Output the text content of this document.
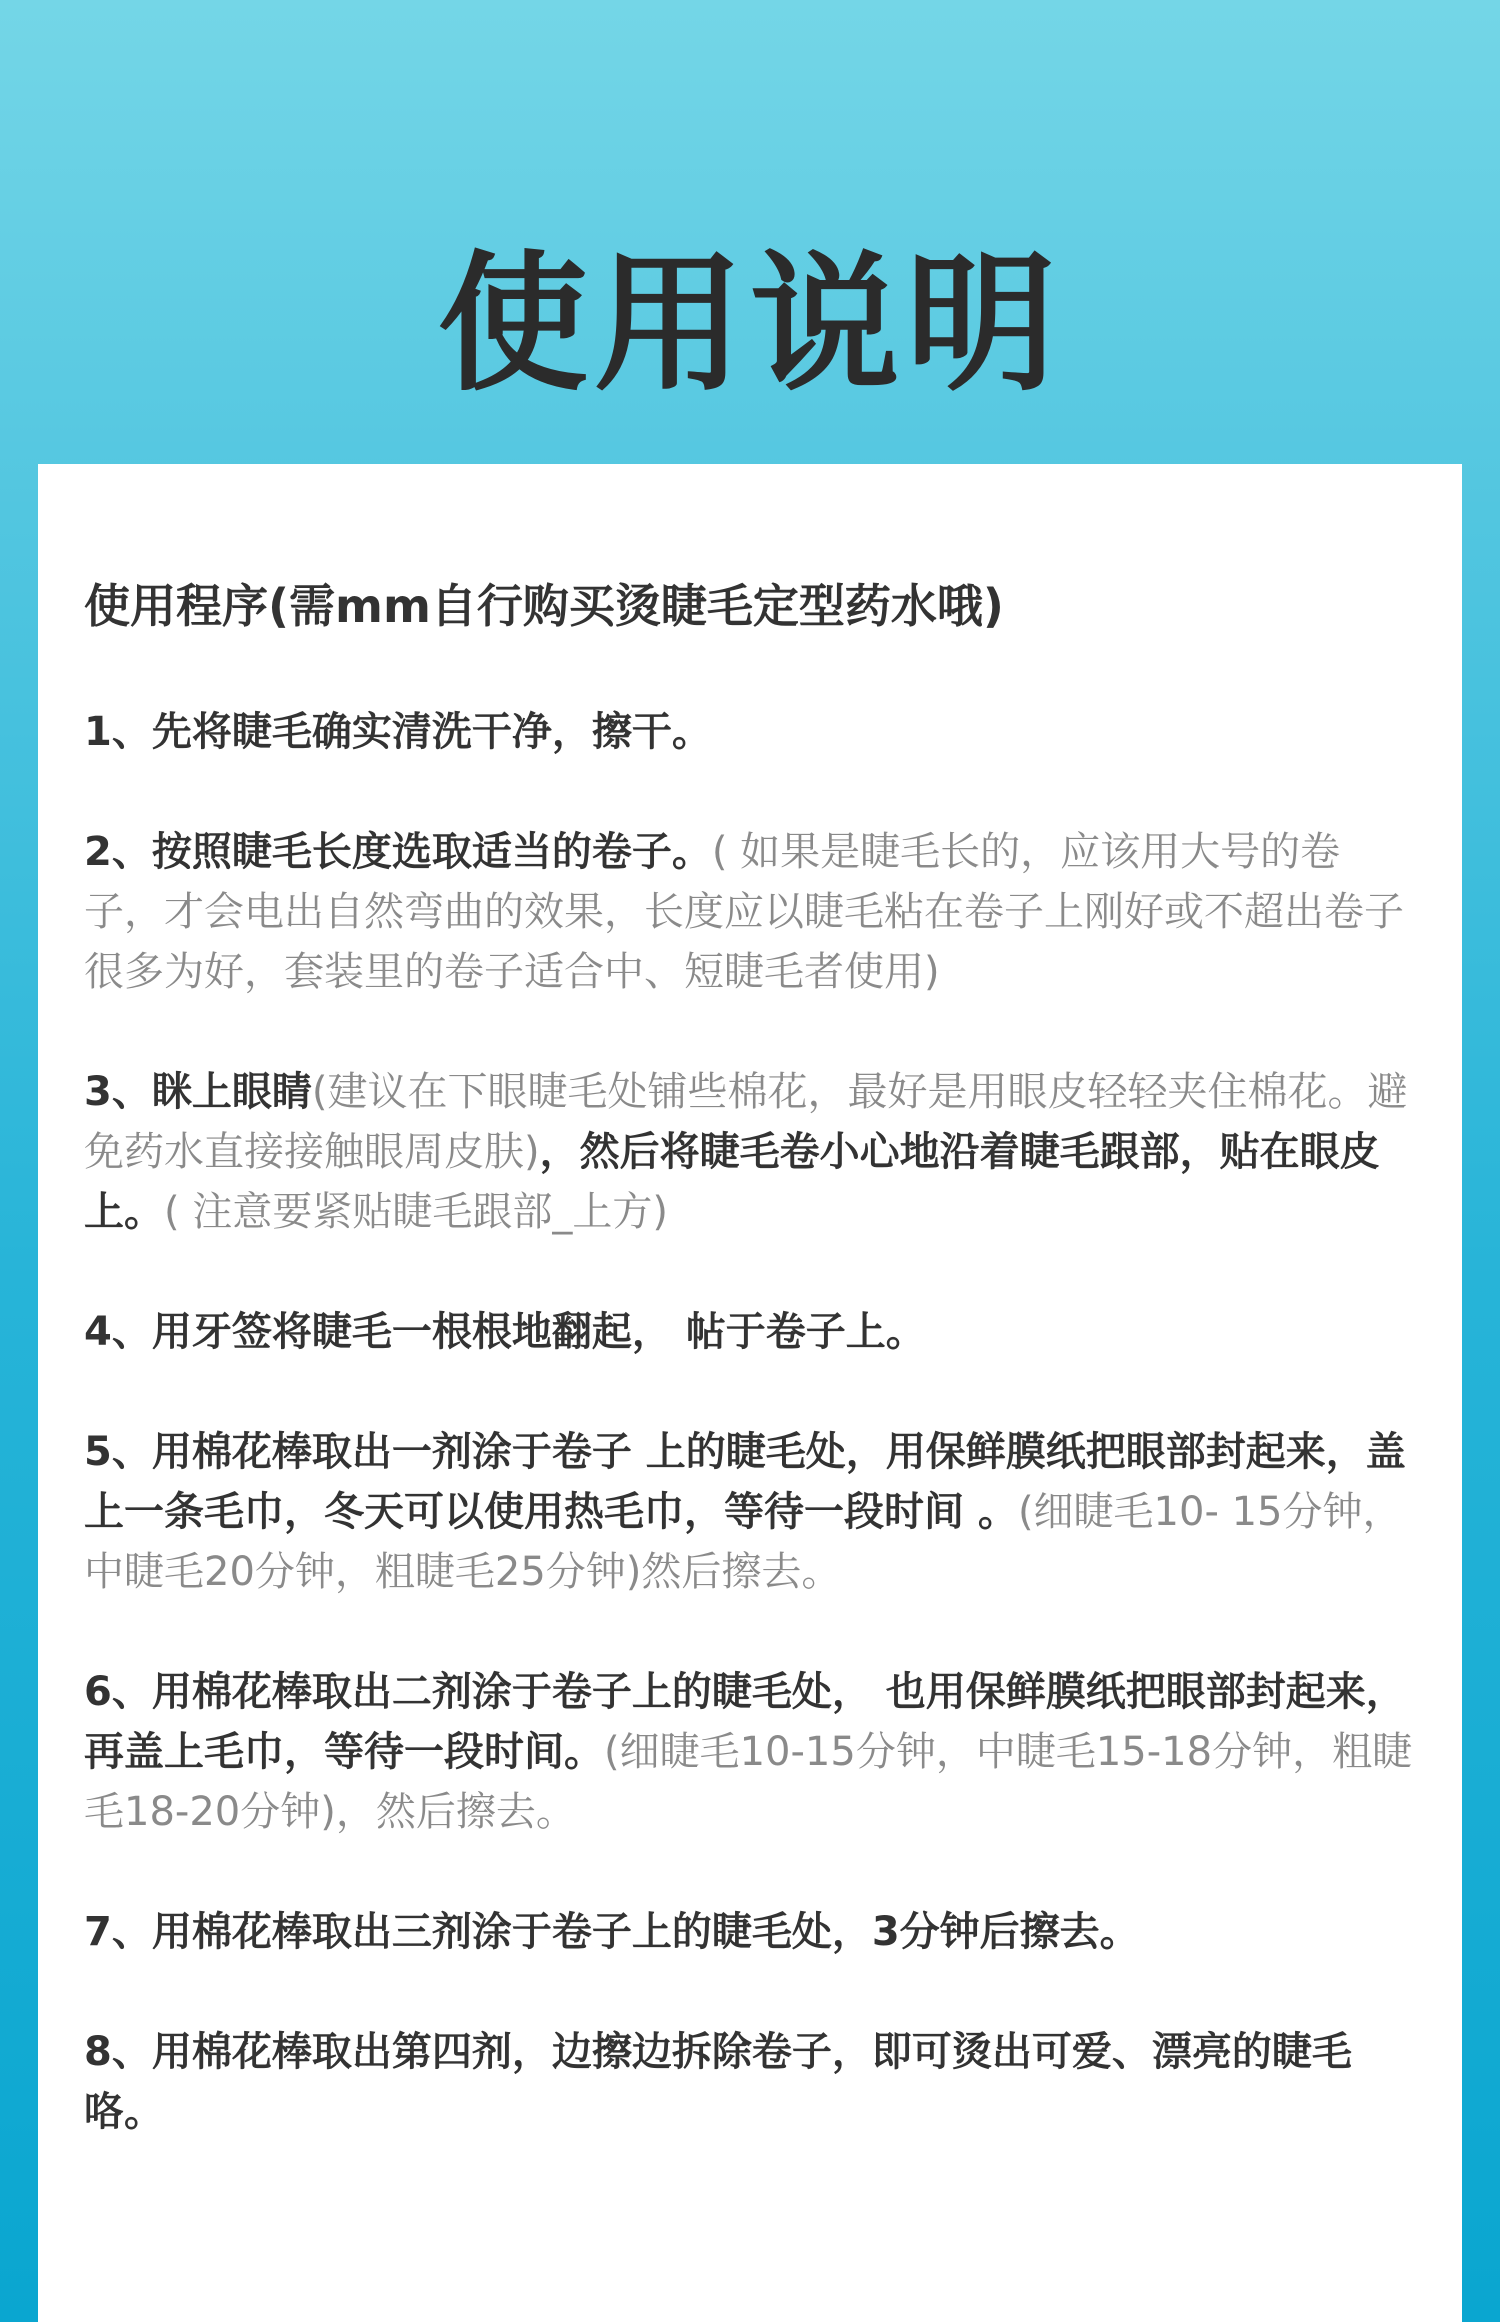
使用说明
使用程序(需mm自行购买烫睫毛定型药水哦)

1、先将睫毛确实清洗干净，擦干。

2、按照睫毛长度选取适当的卷子。( 如果是睫毛长的，应该用大号的卷子，才会电出自然弯曲的效果，长度应以睫毛粘在卷子上刚好或不超出卷子很多为好，套装里的卷子适合中、短睫毛者使用)

3、眯上眼睛(建议在下眼睫毛处铺些棉花，最好是用眼皮轻轻夹住棉花。避免药水直接接触眼周皮肤)，然后将睫毛卷小心地沿着睫毛跟部，贴在眼皮上。( 注意要紧贴睫毛跟部_上方)

4、用牙签将睫毛一根根地翻起， 帖于卷子上。

5、用棉花棒取出一剂涂于卷子 上的睫毛处，用保鲜膜纸把眼部封起来，盖上一条毛巾，冬天可以使用热毛巾，等待一段时间 。(细睫毛10- 15分钟，中睫毛20分钟，粗睫毛25分钟)然后擦去。

6、用棉花棒取出二剂涂于卷子上的睫毛处， 也用保鲜膜纸把眼部封起来，再盖上毛巾，等待一段时间。(细睫毛10-15分钟，中睫毛15-18分钟，粗睫毛18-20分钟)，然后擦去。

7、用棉花棒取出三剂涂于卷子上的睫毛处，3分钟后擦去。

8、用棉花棒取出第四剂，边擦边拆除卷子，即可烫出可爱、漂亮的睫毛咯。
